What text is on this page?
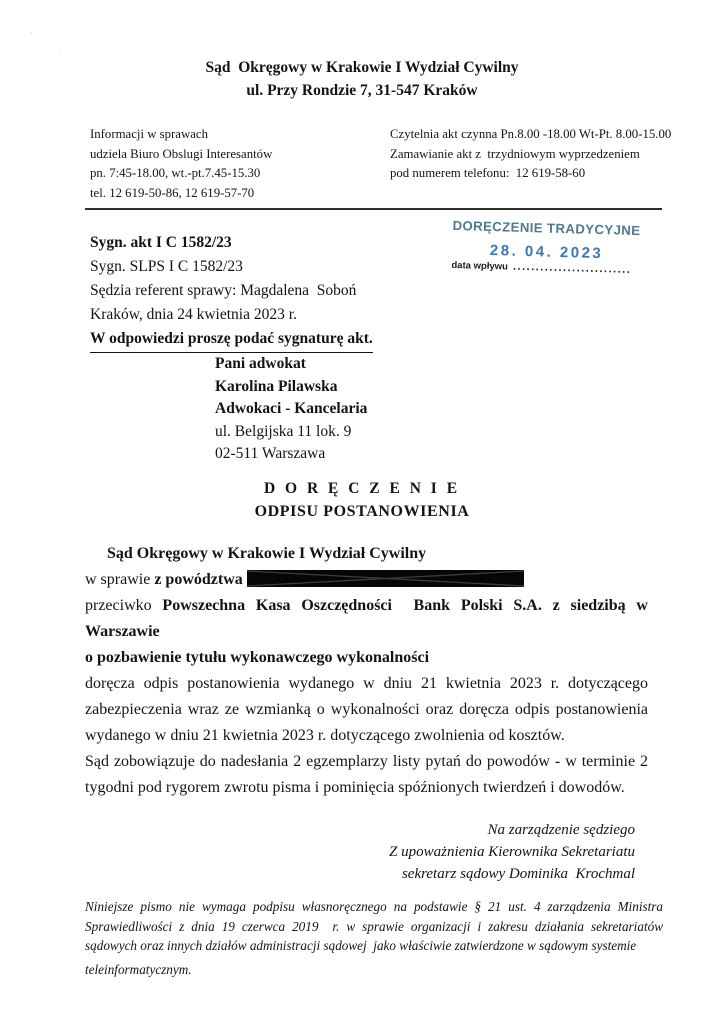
·
·
Sąd  Okręgowy w Krakowie I Wydział Cywilny
ul. Przy Rondzie 7, 31-547 Kraków
Informacji w sprawach
udziela Biuro Obslugi Interesantów
pn. 7:45-18.00, wt.-pt.7.45-15.30
tel. 12 619-50-86, 12 619-57-70
Czytelnia akt czynna Pn.8.00 -18.00 Wt-Pt. 8.00-15.00
Zamawianie akt z  trzydniowym wyprzedzeniem
pod numerem telefonu:  12 619-58-60
Sygn. akt I C 1582/23
Sygn. SLPS I C 1582/23
Sędzia referent sprawy: Magdalena  Soboń
Kraków, dnia 24 kwietnia 2023 r.
W odpowiedzi proszę podać sygnaturę akt.
DORĘCZENIE TRADYCYJNE
28. 04. 2023
data wpływu ..........................
Pani adwokat
Karolina Pilawska
Adwokaci - Kancelaria
ul. Belgijska 11 lok. 9
02-511 Warszawa
D O R Ę C Z E N I E
ODPISU POSTANOWIENIA

Sąd Okręgowy w Krakowie I Wydział Cywilny

w sprawie z powództwa

przeciwko Powszechna Kasa Oszczędności  Bank Polski S.A. z siedzibą w Warszawie

o pozbawienie tytułu wykonawczego wykonalności

doręcza odpis postanowienia wydanego w dniu 21 kwietnia 2023 r. dotyczącego zabezpieczenia wraz ze wzmianką o wykonalności oraz doręcza odpis postanowienia wydanego w dniu 21 kwietnia 2023 r. dotyczącego zwolnienia od kosztów.

Sąd zobowiązuje do nadesłania 2 egzemplarzy listy pytań do powodów - w terminie 2 tygodni pod rygorem zwrotu pisma i pominięcia spóźnionych twierdzeń i dowodów.

Na zarządzenie sędziego
Z upoważnienia Kierownika Sekretariatu
sekretarz sądowy Dominika  Krochmal
Niniejsze pismo nie wymaga podpisu własnoręcznego na podstawie § 21 ust. 4 zarządzenia Ministra Sprawiedliwości z dnia 19 czerwca 2019  r. w sprawie organizacji i zakresu działania sekretariatów sądowych oraz innych działów administracji sądowej  jako właściwie zatwierdzone w sądowym systemie
teleinformatycznym.
